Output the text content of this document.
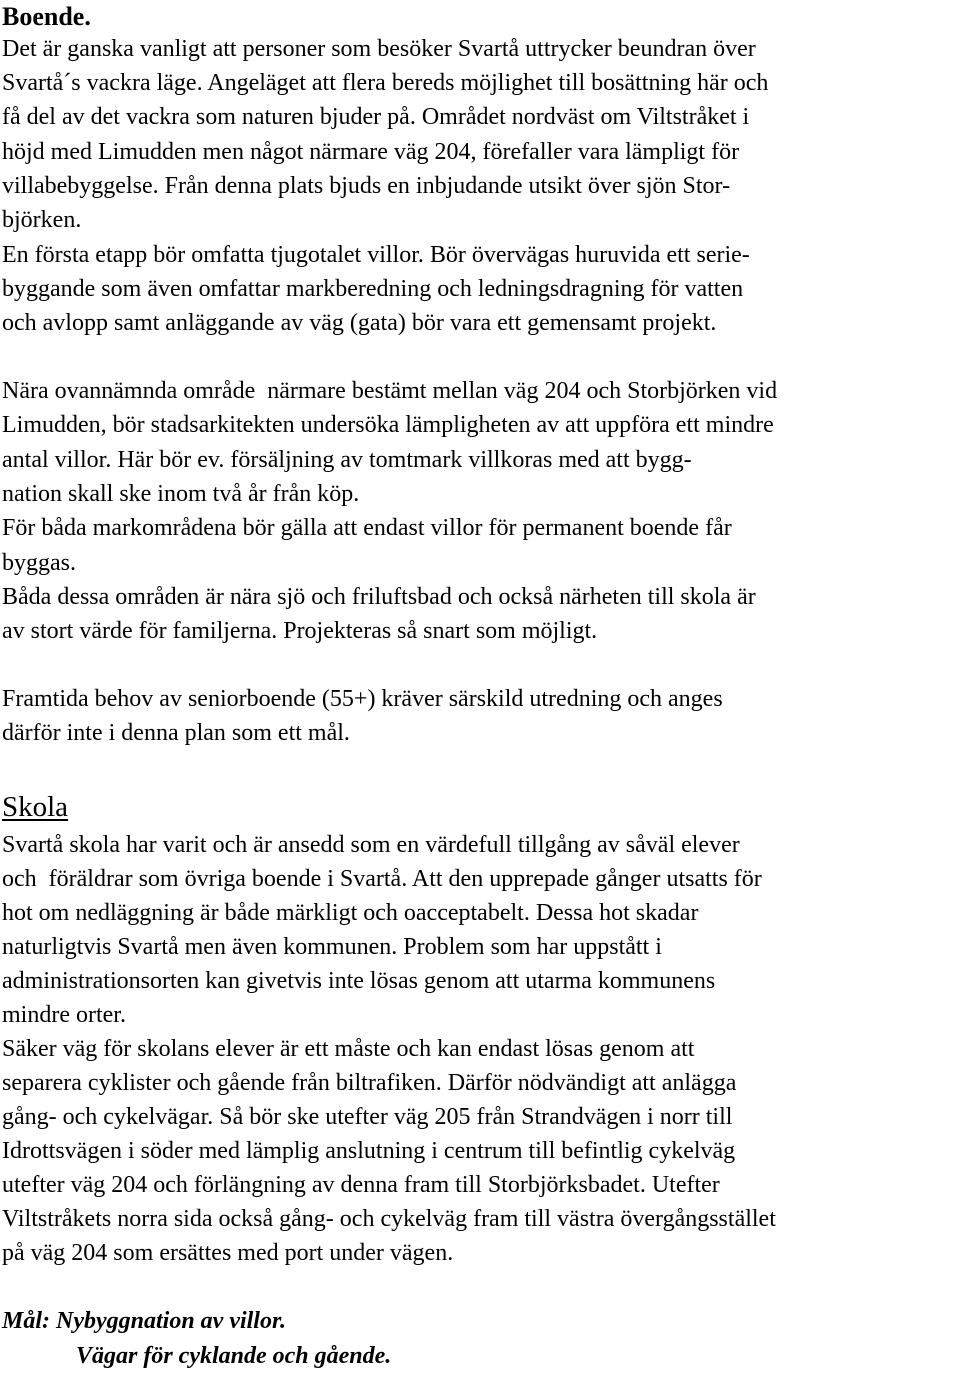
Boende.
Det är ganska vanligt att personer som besöker Svartå uttrycker beundran över
Svartå´s vackra läge. Angeläget att flera bereds möjlighet till bosättning här och
få del av det vackra som naturen bjuder på. Området nordväst om Viltstråket i
höjd med Limudden men något närmare väg 204, förefaller vara lämpligt för
villabebyggelse. Från denna plats bjuds en inbjudande utsikt över sjön Stor-
björken.
En första etapp bör omfatta tjugotalet villor. Bör övervägas huruvida ett serie-
byggande som även omfattar markberedning och ledningsdragning för vatten
och avlopp samt anläggande av väg (gata) bör vara ett gemensamt projekt.
Nära ovannämnda område  närmare bestämt mellan väg 204 och Storbjörken vid
Limudden, bör stadsarkitekten undersöka lämpligheten av att uppföra ett mindre
antal villor. Här bör ev. försäljning av tomtmark villkoras med att bygg-
nation skall ske inom två år från köp.
För båda markområdena bör gälla att endast villor för permanent boende får
byggas.
Båda dessa områden är nära sjö och friluftsbad och också närheten till skola är
av stort värde för familjerna. Projekteras så snart som möjligt.
Framtida behov av seniorboende (55+) kräver särskild utredning och anges
därför inte i denna plan som ett mål.
Skola
Svartå skola har varit och är ansedd som en värdefull tillgång av såväl elever
och  föräldrar som övriga boende i Svartå. Att den upprepade gånger utsatts för
hot om nedläggning är både märkligt och oacceptabelt. Dessa hot skadar
naturligtvis Svartå men även kommunen. Problem som har uppstått i
administrationsorten kan givetvis inte lösas genom att utarma kommunens
mindre orter.
Säker väg för skolans elever är ett måste och kan endast lösas genom att
separera cyklister och gående från biltrafiken. Därför nödvändigt att anlägga
gång- och cykelvägar. Så bör ske utefter väg 205 från Strandvägen i norr till
Idrottsvägen i söder med lämplig anslutning i centrum till befintlig cykelväg
utefter väg 204 och förlängning av denna fram till Storbjörksbadet. Utefter
Viltstråkets norra sida också gång- och cykelväg fram till västra övergångsstället
på väg 204 som ersättes med port under vägen.
Mål: Nybyggnation av villor.
Vägar för cyklande och gående.
